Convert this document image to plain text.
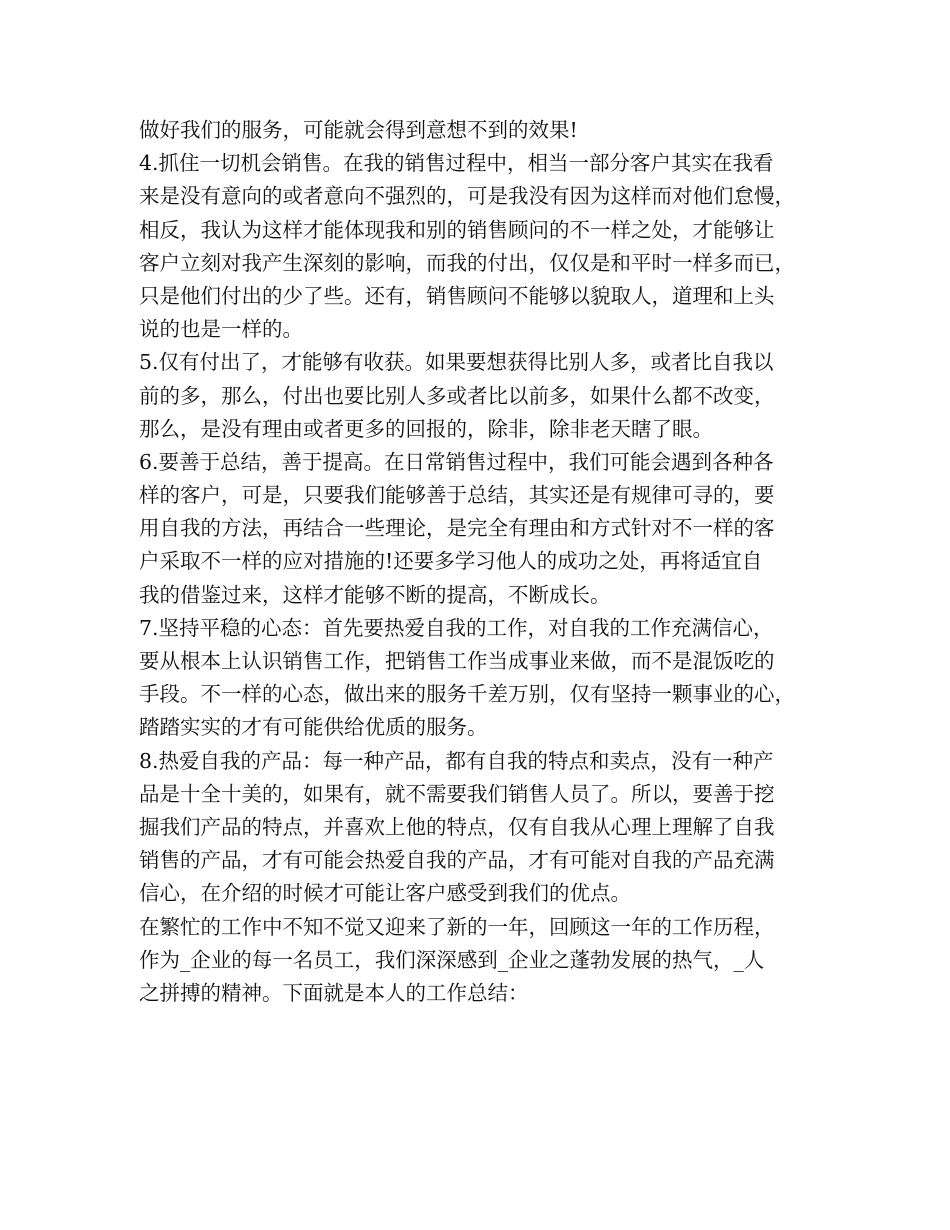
做好我们的服务，可能就会得到意想不到的效果!
4.抓住一切机会销售。在我的销售过程中，相当一部分客户其实在我看
来是没有意向的或者意向不强烈的，可是我没有因为这样而对他们怠慢，
相反，我认为这样才能体现我和别的销售顾问的不一样之处，才能够让
客户立刻对我产生深刻的影响，而我的付出，仅仅是和平时一样多而已，
只是他们付出的少了些。还有，销售顾问不能够以貌取人，道理和上头
说的也是一样的。
5.仅有付出了，才能够有收获。如果要想获得比别人多，或者比自我以
前的多，那么，付出也要比别人多或者比以前多，如果什么都不改变，
那么，是没有理由或者更多的回报的，除非，除非老天瞎了眼。
6.要善于总结，善于提高。在日常销售过程中，我们可能会遇到各种各
样的客户，可是，只要我们能够善于总结，其实还是有规律可寻的，要
用自我的方法，再结合一些理论，是完全有理由和方式针对不一样的客
户采取不一样的应对措施的!还要多学习他人的成功之处，再将适宜自
我的借鉴过来，这样才能够不断的提高，不断成长。
7.坚持平稳的心态：首先要热爱自我的工作，对自我的工作充满信心，
要从根本上认识销售工作，把销售工作当成事业来做，而不是混饭吃的
手段。不一样的心态，做出来的服务千差万别，仅有坚持一颗事业的心，
踏踏实实的才有可能供给优质的服务。
8.热爱自我的产品：每一种产品，都有自我的特点和卖点，没有一种产
品是十全十美的，如果有，就不需要我们销售人员了。所以，要善于挖
掘我们产品的特点，并喜欢上他的特点，仅有自我从心理上理解了自我
销售的产品，才有可能会热爱自我的产品，才有可能对自我的产品充满
信心，在介绍的时候才可能让客户感受到我们的优点。
在繁忙的工作中不知不觉又迎来了新的一年，回顾这一年的工作历程，
作为_企业的每一名员工，我们深深感到_企业之蓬勃发展的热气，_人
之拼搏的精神。下面就是本人的工作总结：
